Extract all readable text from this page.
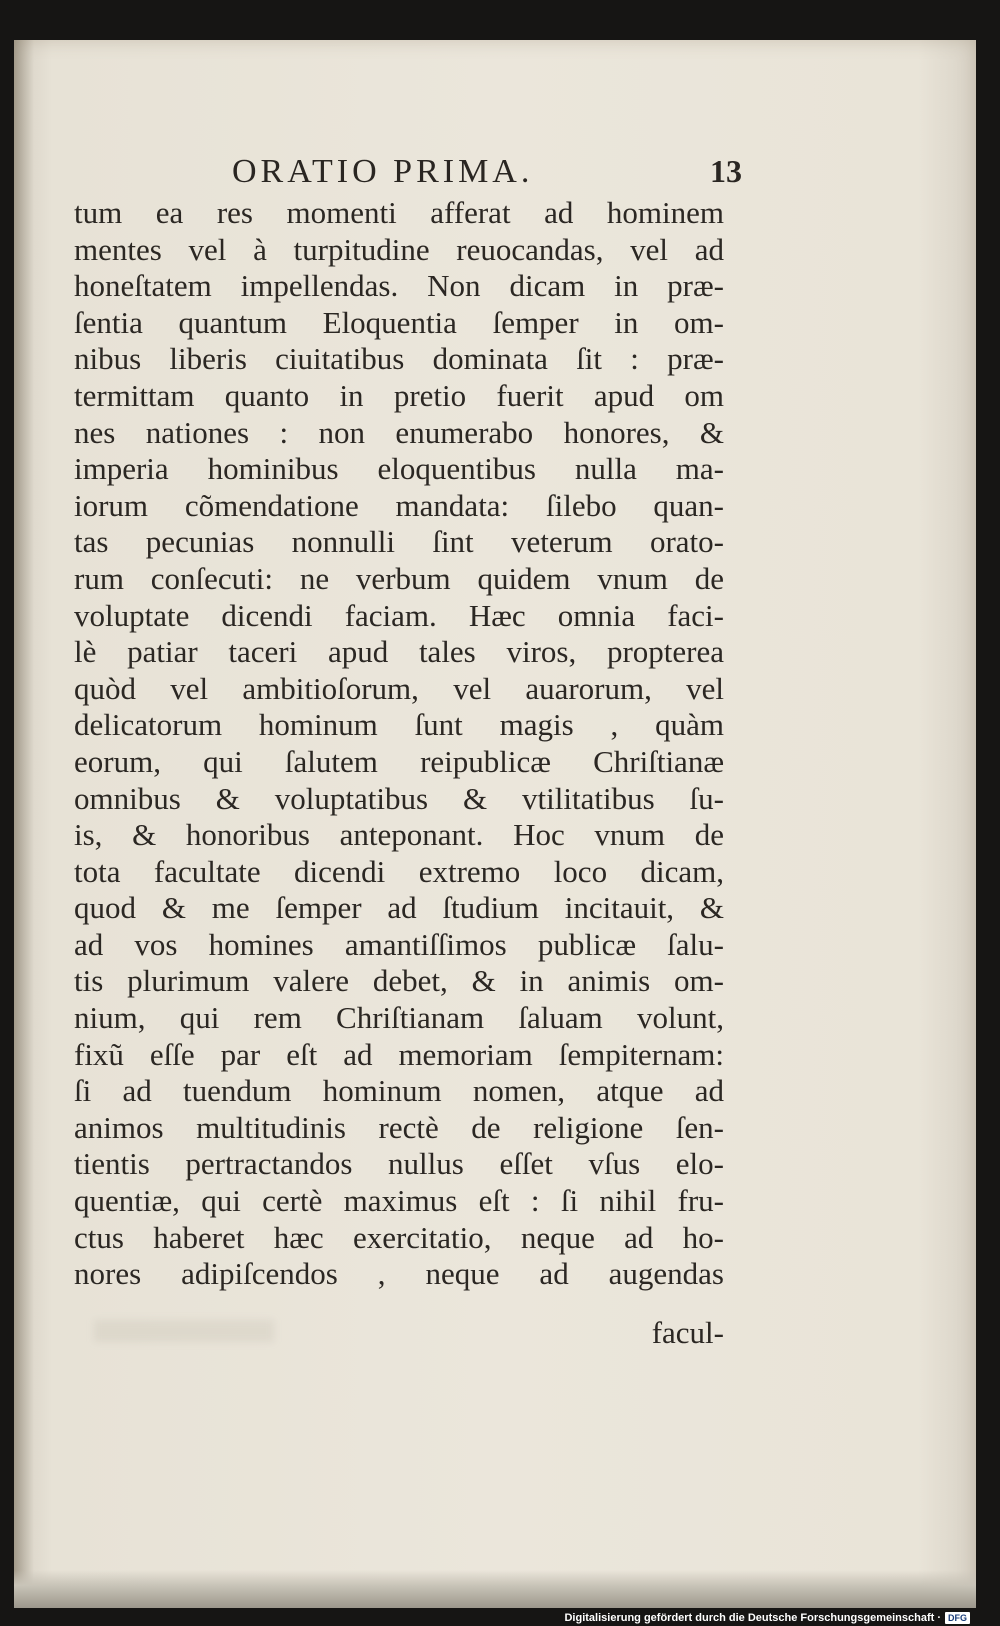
ORATIO PRIMA.	13
tum ea res momenti afferat ad hominem
mentes vel à turpitudine reuocandas, vel ad
honeſtatem impellendas. Non dicam in præ-
ſentia quantum Eloquentia ſemper in om-
nibus liberis ciuitatibus dominata ſit : præ-
termittam quanto in pretio fuerit apud om
nes nationes : non enumerabo honores, &
imperia hominibus eloquentibus nulla ma-
iorum cõmendatione mandata: ſilebo quan-
tas pecunias nonnulli ſint veterum orato-
rum conſecuti: ne verbum quidem vnum de
voluptate dicendi faciam. Hæc omnia faci-
lè patiar taceri apud tales viros, propterea
quòd vel ambitioſorum, vel auarorum, vel
delicatorum hominum ſunt magis , quàm
eorum, qui ſalutem reipublicæ Chriſtianæ
omnibus & voluptatibus & vtilitatibus ſu-
is, & honoribus anteponant. Hoc vnum de
tota facultate dicendi extremo loco dicam,
quod & me ſemper ad ſtudium incitauit, &
ad vos homines amantiſſimos publicæ ſalu-
tis plurimum valere debet, & in animis om-
nium, qui rem Chriſtianam ſaluam volunt,
fixũ eſſe par eſt ad memoriam ſempiternam:
ſi ad tuendum hominum nomen, atque ad
animos multitudinis rectè de religione ſen-
tientis pertractandos nullus eſſet vſus elo-
quentiæ, qui certè maximus eſt : ſi nihil fru-
ctus haberet hæc exercitatio, neque ad ho-
nores adipiſcendos , neque ad augendas
facul-
Digitalisierung gefördert durch die Deutsche Forschungsgemeinschaft · DFG
